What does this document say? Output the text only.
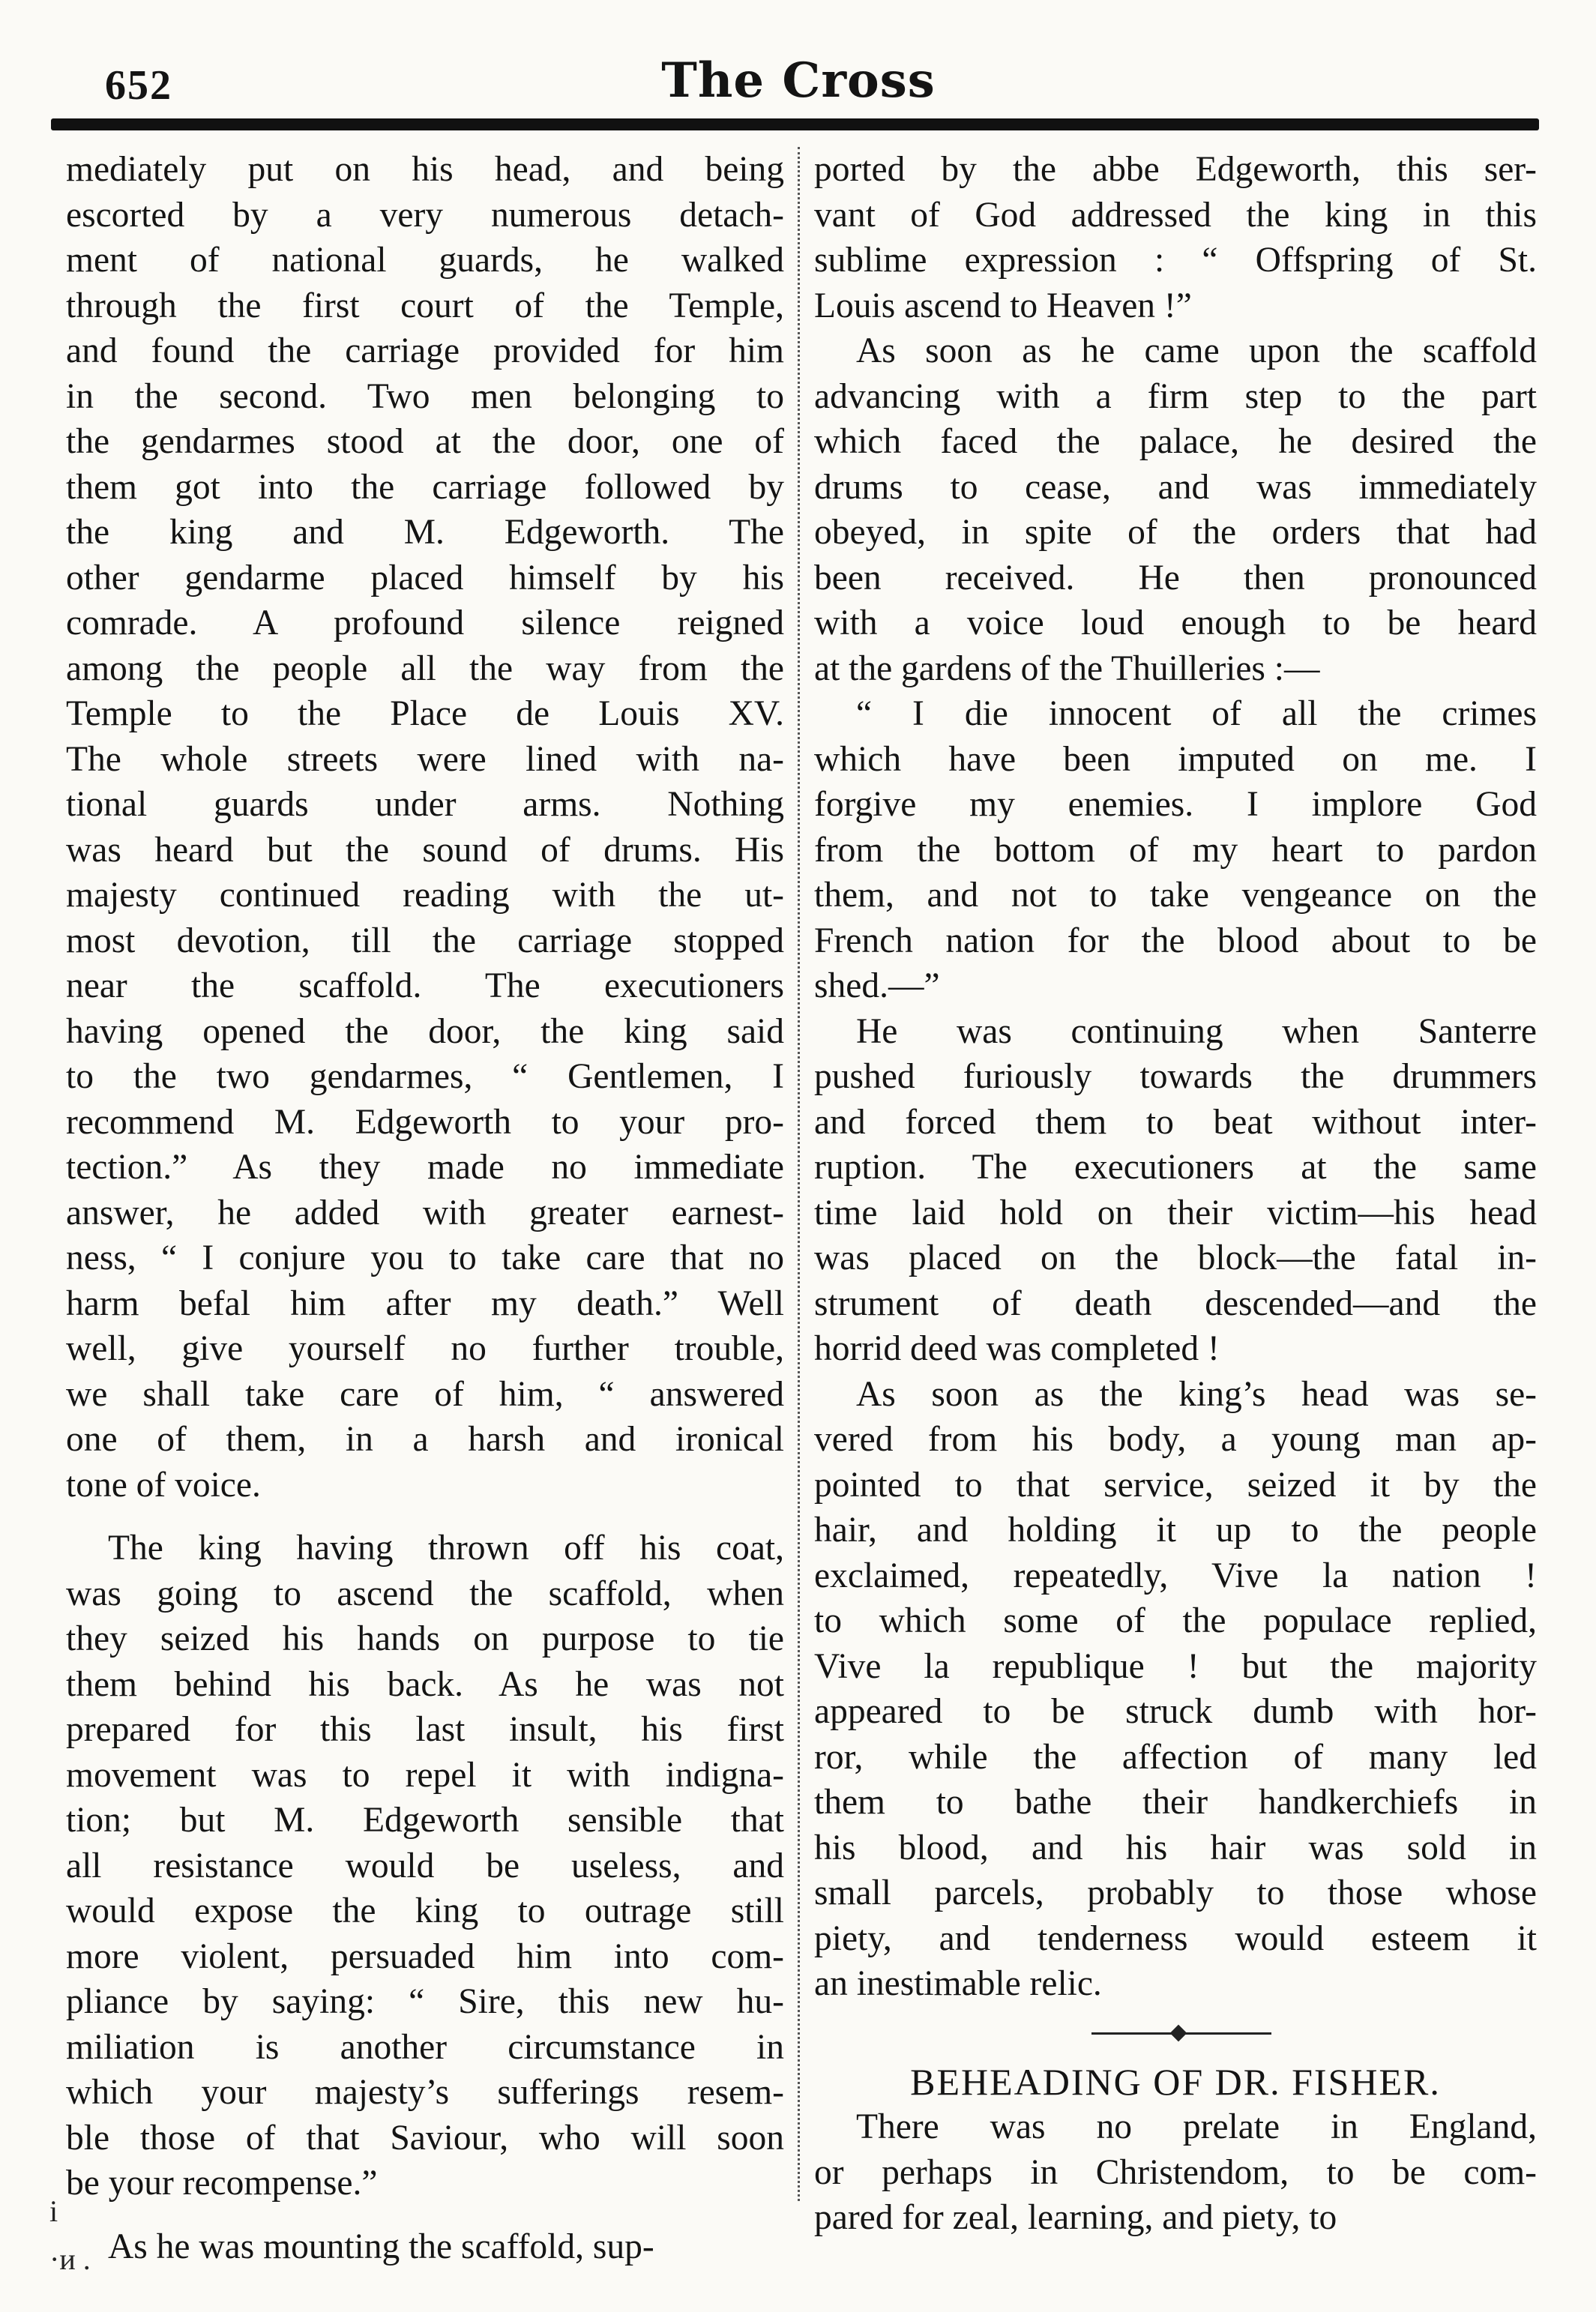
652	The Cross

mediately put on his head, and being
escorted by a very numerous detach-
ment of national guards, he walked
through the first court of the Temple,
and found the carriage provided for him
in the second. Two men belonging to
the gendarmes stood at the door, one of
them got into the carriage followed by
the king and M. Edgeworth. The
other gendarme placed himself by his
comrade. A profound silence reigned
among the people all the way from the
Temple to the Place de Louis XV.
The whole streets were lined with na-
tional guards under arms. Nothing
was heard but the sound of drums. His
majesty continued reading with the ut-
most devotion, till the carriage stopped
near the scaffold. The executioners
having opened the door, the king said
to the two gendarmes, “ Gentlemen, I
recommend M. Edgeworth to your pro-
tection.” As they made no immediate
answer, he added with greater earnest-
ness, “ I conjure you to take care that no
harm befal him after my death.” Well
well, give yourself no further trouble,
we shall take care of him, “ answered
one of them, in a harsh and ironical
tone of voice.

The king having thrown off his coat,
was going to ascend the scaffold, when
they seized his hands on purpose to tie
them behind his back. As he was not
prepared for this last insult, his first
movement was to repel it with indigna-
tion; but M. Edgeworth sensible that
all resistance would be useless, and
would expose the king to outrage still
more violent, persuaded him into com-
pliance by saying: “ Sire, this new hu-
miliation is another circumstance in
which your majesty’s sufferings resem-
ble those of that Saviour, who will soon
be your recompense.”

As he was mounting the scaffold, sup-

ported by the abbe Edgeworth, this ser-
vant of God addressed the king in this
sublime expression : “ Offspring of St.
Louis ascend to Heaven !”

As soon as he came upon the scaffold
advancing with a firm step to the part
which faced the palace, he desired the
drums to cease, and was immediately
obeyed, in spite of the orders that had
been received. He then pronounced
with a voice loud enough to be heard
at the gardens of the Thuilleries :—

“ I die innocent of all the crimes
which have been imputed on me. I
forgive my enemies. I implore God
from the bottom of my heart to pardon
them, and not to take vengeance on the
French nation for the blood about to be
shed.—”

He was continuing when Santerre
pushed furiously towards the drummers
and forced them to beat without inter-
ruption. The executioners at the same
time laid hold on their victim—his head
was placed on the block—the fatal in-
strument of death descended—and the
horrid deed was completed !

As soon as the king’s head was se-
vered from his body, a young man ap-
pointed to that service, seized it by the
hair, and holding it up to the people
exclaimed, repeatedly, Vive la nation !
to which some of the populace replied,
Vive la republique ! but the majority
appeared to be struck dumb with hor-
ror, while the affection of many led
them to bathe their handkerchiefs in
his blood, and his hair was sold in
small parcels, probably to those whose
piety, and tenderness would esteem it
an inestimable relic.

BEHEADING OF DR. FISHER.

There was no prelate in England,
or perhaps in Christendom, to be com-
pared for zeal, learning, and piety, to

i
·и .
